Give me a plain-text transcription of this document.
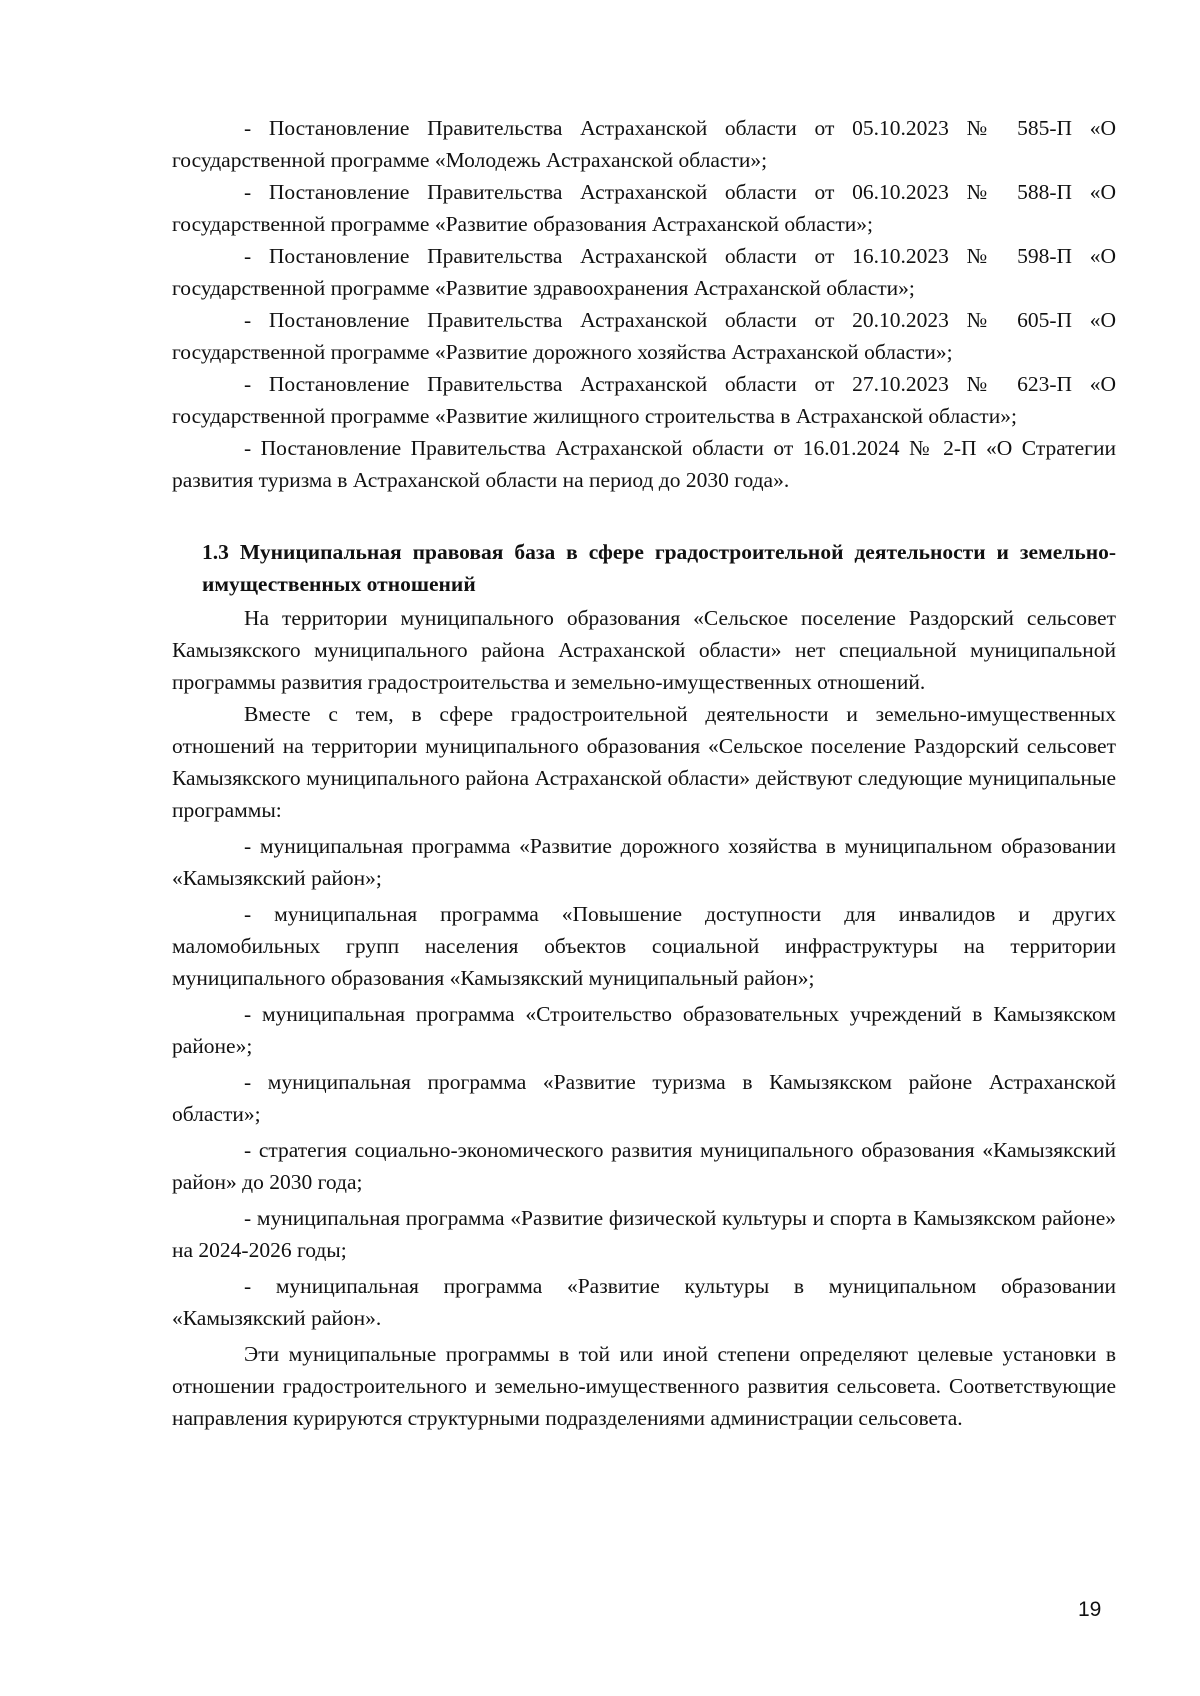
- Постановление Правительства Астраханской области от 05.10.2023 № 585-П «О государственной программе «Молодежь Астраханской области»;

- Постановление Правительства Астраханской области от 06.10.2023 № 588-П «О государственной программе «Развитие образования Астраханской области»;

- Постановление Правительства Астраханской области от 16.10.2023 № 598-П «О государственной программе «Развитие здравоохранения Астраханской области»;

- Постановление Правительства Астраханской области от 20.10.2023 № 605-П «О государственной программе «Развитие дорожного хозяйства Астраханской области»;

- Постановление Правительства Астраханской области от 27.10.2023 № 623-П «О государственной программе «Развитие жилищного строительства в Астраханской области»;

- Постановление Правительства Астраханской области от 16.01.2024 № 2-П «О Стратегии развития туризма в Астраханской области на период до 2030 года».

1.3 Муниципальная правовая база в сфере градостроительной деятельности и земельно-имущественных отношений

На территории муниципального образования «Сельское поселение Раздорский сельсовет Камызякского муниципального района Астраханской области» нет специальной муниципальной программы развития градостроительства и земельно-имущественных отношений.

Вместе с тем, в сфере градостроительной деятельности и земельно-имущественных отношений на территории муниципального образования «Сельское поселение Раздорский сельсовет Камызякского муниципального района Астраханской области» действуют следующие муниципальные программы:

- муниципальная программа «Развитие дорожного хозяйства в муниципальном образовании «Камызякский район»;

- муниципальная программа «Повышение доступности для инвалидов и других маломобильных групп населения объектов социальной инфраструктуры на территории муниципального образования «Камызякский муниципальный район»;

- муниципальная программа «Строительство образовательных учреждений в Камызякском районе»;

- муниципальная программа «Развитие туризма в Камызякском районе Астраханской области»;

- стратегия социально-экономического развития муниципального образования «Камызякский район» до 2030 года;

- муниципальная программа «Развитие физической культуры и спорта в Камызякском районе» на 2024-2026 годы;

- муниципальная программа «Развитие культуры в муниципальном образовании «Камызякский район».

Эти муниципальные программы в той или иной степени определяют целевые установки в отношении градостроительного и земельно-имущественного развития сельсовета. Соответствующие направления курируются структурными подразделениями администрации сельсовета.

19
